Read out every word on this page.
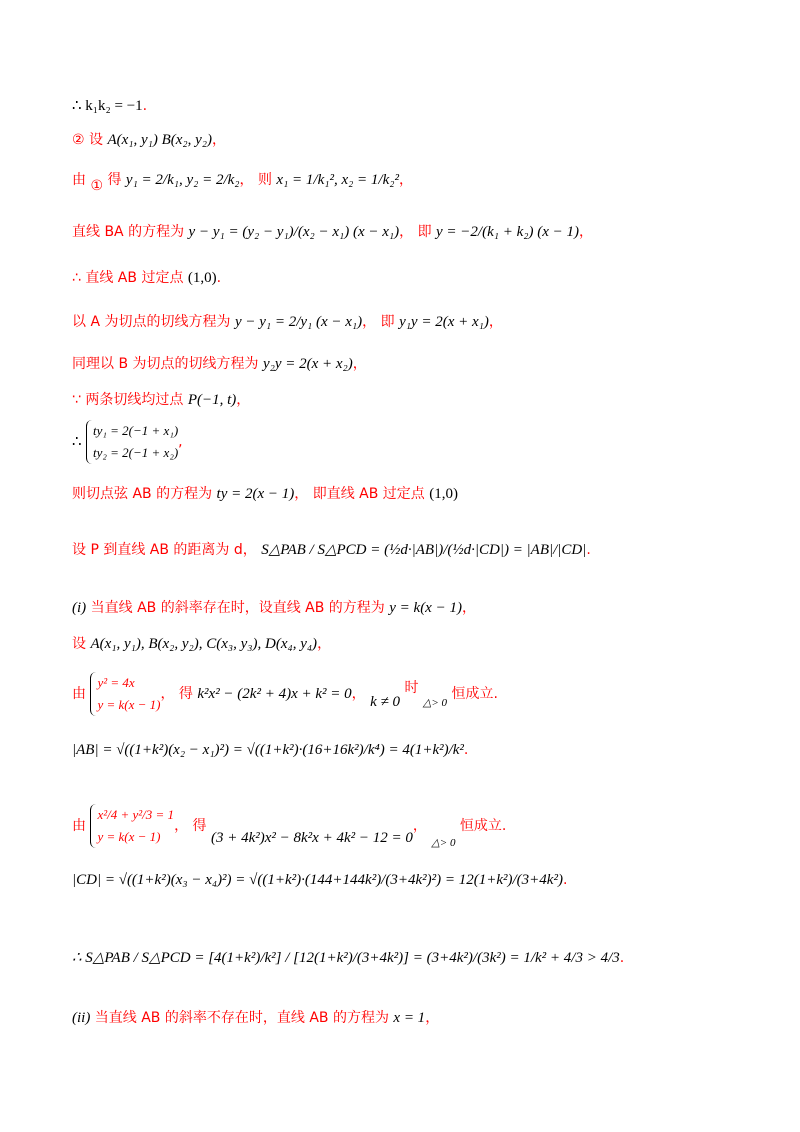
∴ k₁k₂ = −1.
② 设 A(x₁, y₁) B(x₂, y₂)，
由 ① 得 y₁ = 2/k₁, y₂ = 2/k₂， 则 x₁ = 1/k₁², x₂ = 1/k₂²，
直线 BA 的方程为 y − y₁ = (y₂ − y₁)/(x₂ − x₁) (x − x₁)， 即 y = −2/(k₁ + k₂) (x − 1)，
∴ 直线 AB 过定点 (1,0).
以 A 为切点的切线方程为 y − y₁ = 2/y₁ (x − x₁)， 即 y₁y = 2(x + x₁)，
同理以 B 为切点的切线方程为 y₂y = 2(x + x₂)，
∵ 两条切线均过点 P(−1, t)，
∴
ty₁ = 2(−1 + x₁)
ty₂ = 2(−1 + x₂)
,
则切点弦 AB 的方程为 ty = 2(x − 1)， 即直线 AB 过定点 (1,0)
设 P 到直线 AB 的距离为 d， S△PAB / S△PCD = (½d·|AB|)/(½d·|CD|) = |AB|/|CD|.
(i) 当直线 AB 的斜率存在时，设直线 AB 的方程为 y = k(x − 1)，
设 A(x₁, y₁), B(x₂, y₂), C(x₃, y₃), D(x₄, y₄)，
由
y² = 4x
y = k(x − 1)
， 得 k²x² − (2k² + 4)x + k² = 0， k ≠ 0 时 $_{\triangle> 0}$ 恒成立.
|AB| = √((1+k²)(x₂ − x₁)²) = √((1+k²)·(16+16k²)/k⁴) = 4(1+k²)/k².
由
x²/4 + y²/3 = 1
y = k(x − 1)
， 得 (3 + 4k²)x² − 8k²x + 4k² − 12 = 0， $_{\triangle> 0}$ 恒成立.
|CD| = √((1+k²)(x₃ − x₄)²) = √((1+k²)·(144+144k²)/(3+4k²)²) = 12(1+k²)/(3+4k²).
∴ S△PAB / S△PCD = [4(1+k²)/k²] / [12(1+k²)/(3+4k²)] = (3+4k²)/(3k²) = 1/k² + 4/3 > 4/3.
(ii) 当直线 AB 的斜率不存在时，直线 AB 的方程为 x = 1，
